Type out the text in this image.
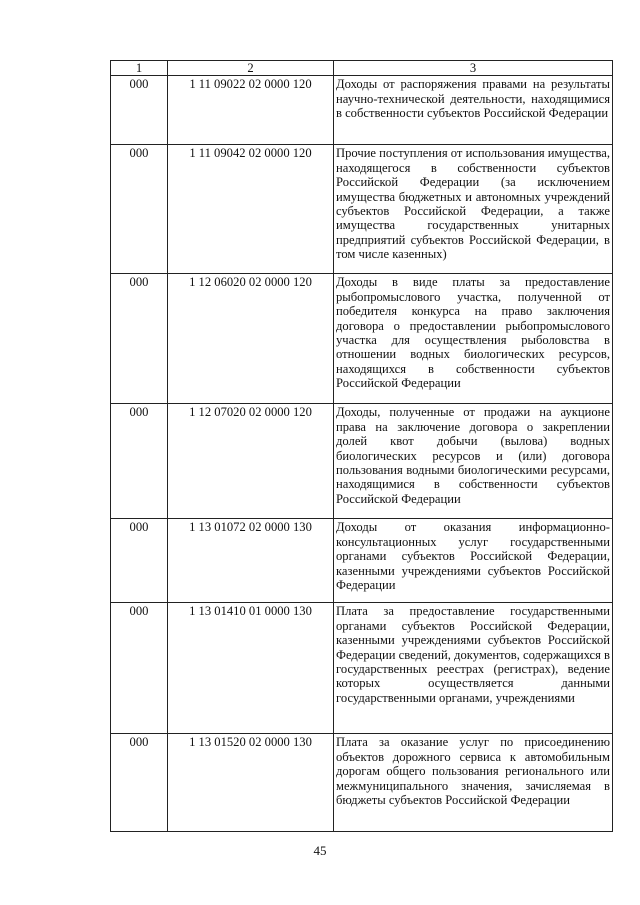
1	2	3
000	1 11 09022 02 0000 120	Доходы от распоряжения правами на результаты научно-технической деятельности, находящимися в собственности субъектов Российской Федерации
000	1 11 09042 02 0000 120	Прочие поступления от использования имущества, находящегося в собственности субъектов Российской Федерации (за исключением имущества бюджетных и автономных учреждений субъектов Российской Федерации, а также имущества государственных унитарных предприятий субъектов Российской Федерации, в том числе казенных)
000	1 12 06020 02 0000 120	Доходы в виде платы за предоставление рыбопромыслового участка, полученной от победителя конкурса на право заключения договора о предоставлении рыбопромыслового участка для осуществления рыболовства в отношении водных биологических ресурсов, находящихся в собственности субъектов Российской Федерации
000	1 12 07020 02 0000 120	Доходы, полученные от продажи на аукционе права на заключение договора о закреплении долей квот добычи (вылова) водных биологических ресурсов и (или) договора пользования водными биологическими ресурсами, находящимися в собственности субъектов Российской Федерации
000	1 13 01072 02 0000 130	Доходы от оказания информационно-консультационных услуг государственными органами субъектов Российской Федерации, казенными учреждениями субъектов Российской Федерации
000	1 13 01410 01 0000 130	Плата за предоставление государственными органами субъектов Российской Федерации, казенными учреждениями субъектов Российской Федерации сведений, документов, содержащихся в государственных реестрах (регистрах), ведение которых осуществляется данными государственными органами, учреждениями
000	1 13 01520 02 0000 130	Плата за оказание услуг по присоединению объектов дорожного сервиса к автомобильным дорогам общего пользования регионального или межмуниципального значения, зачисляемая в бюджеты субъектов Российской Федерации
45
